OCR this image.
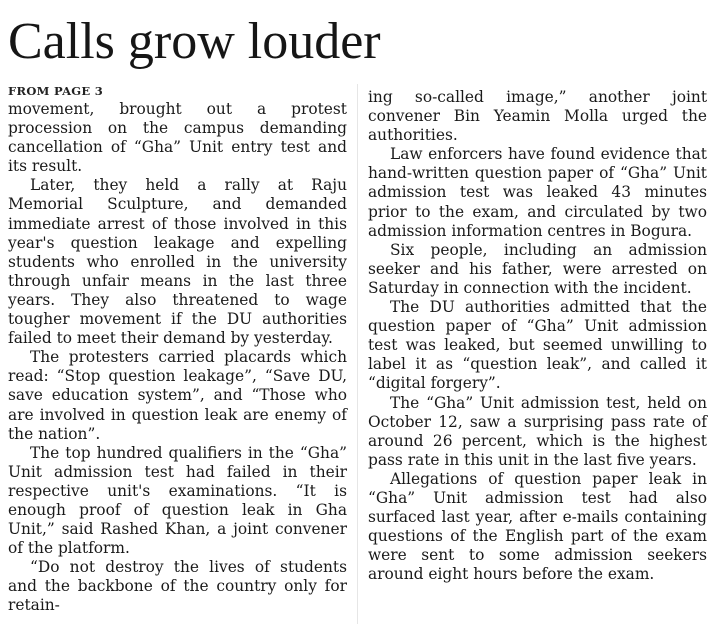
Calls grow louder
FROM PAGE 3

movement, brought out a protest procession on the campus demanding cancellation of “Gha” Unit entry test and its result.

Later, they held a rally at Raju Memorial Sculpture, and demanded immediate arrest of those involved in this year's question leakage and expelling students who enrolled in the university through unfair means in the last three years. They also threatened to wage tougher movement if the DU authorities failed to meet their demand by yesterday.

The protesters carried placards which read: “Stop question leakage”, “Save DU, save education system”, and “Those who are involved in question leak are enemy of the nation”.

The top hundred qualifiers in the “Gha” Unit admission test had failed in their respective unit's examinations. “It is enough proof of question leak in Gha Unit,” said Rashed Khan, a joint convener of the platform.

“Do not destroy the lives of students and the backbone of the country only for retain-

ing so-called image,” another joint convener Bin Yeamin Molla urged the authorities.

Law enforcers have found evidence that hand-written question paper of “Gha” Unit admission test was leaked 43 minutes prior to the exam, and circulated by two admission information centres in Bogura.

Six people, including an admission seeker and his father, were arrested on Saturday in connection with the incident.

The DU authorities admitted that the question paper of “Gha” Unit admission test was leaked, but seemed unwilling to label it as “question leak”, and called it “digital forgery”.

The “Gha” Unit admission test, held on October 12, saw a surprising pass rate of around 26 percent, which is the highest pass rate in this unit in the last five years.

Allegations of question paper leak in “Gha” Unit admission test had also surfaced last year, after e-mails containing questions of the English part of the exam were sent to some admission seekers around eight hours before the exam.
